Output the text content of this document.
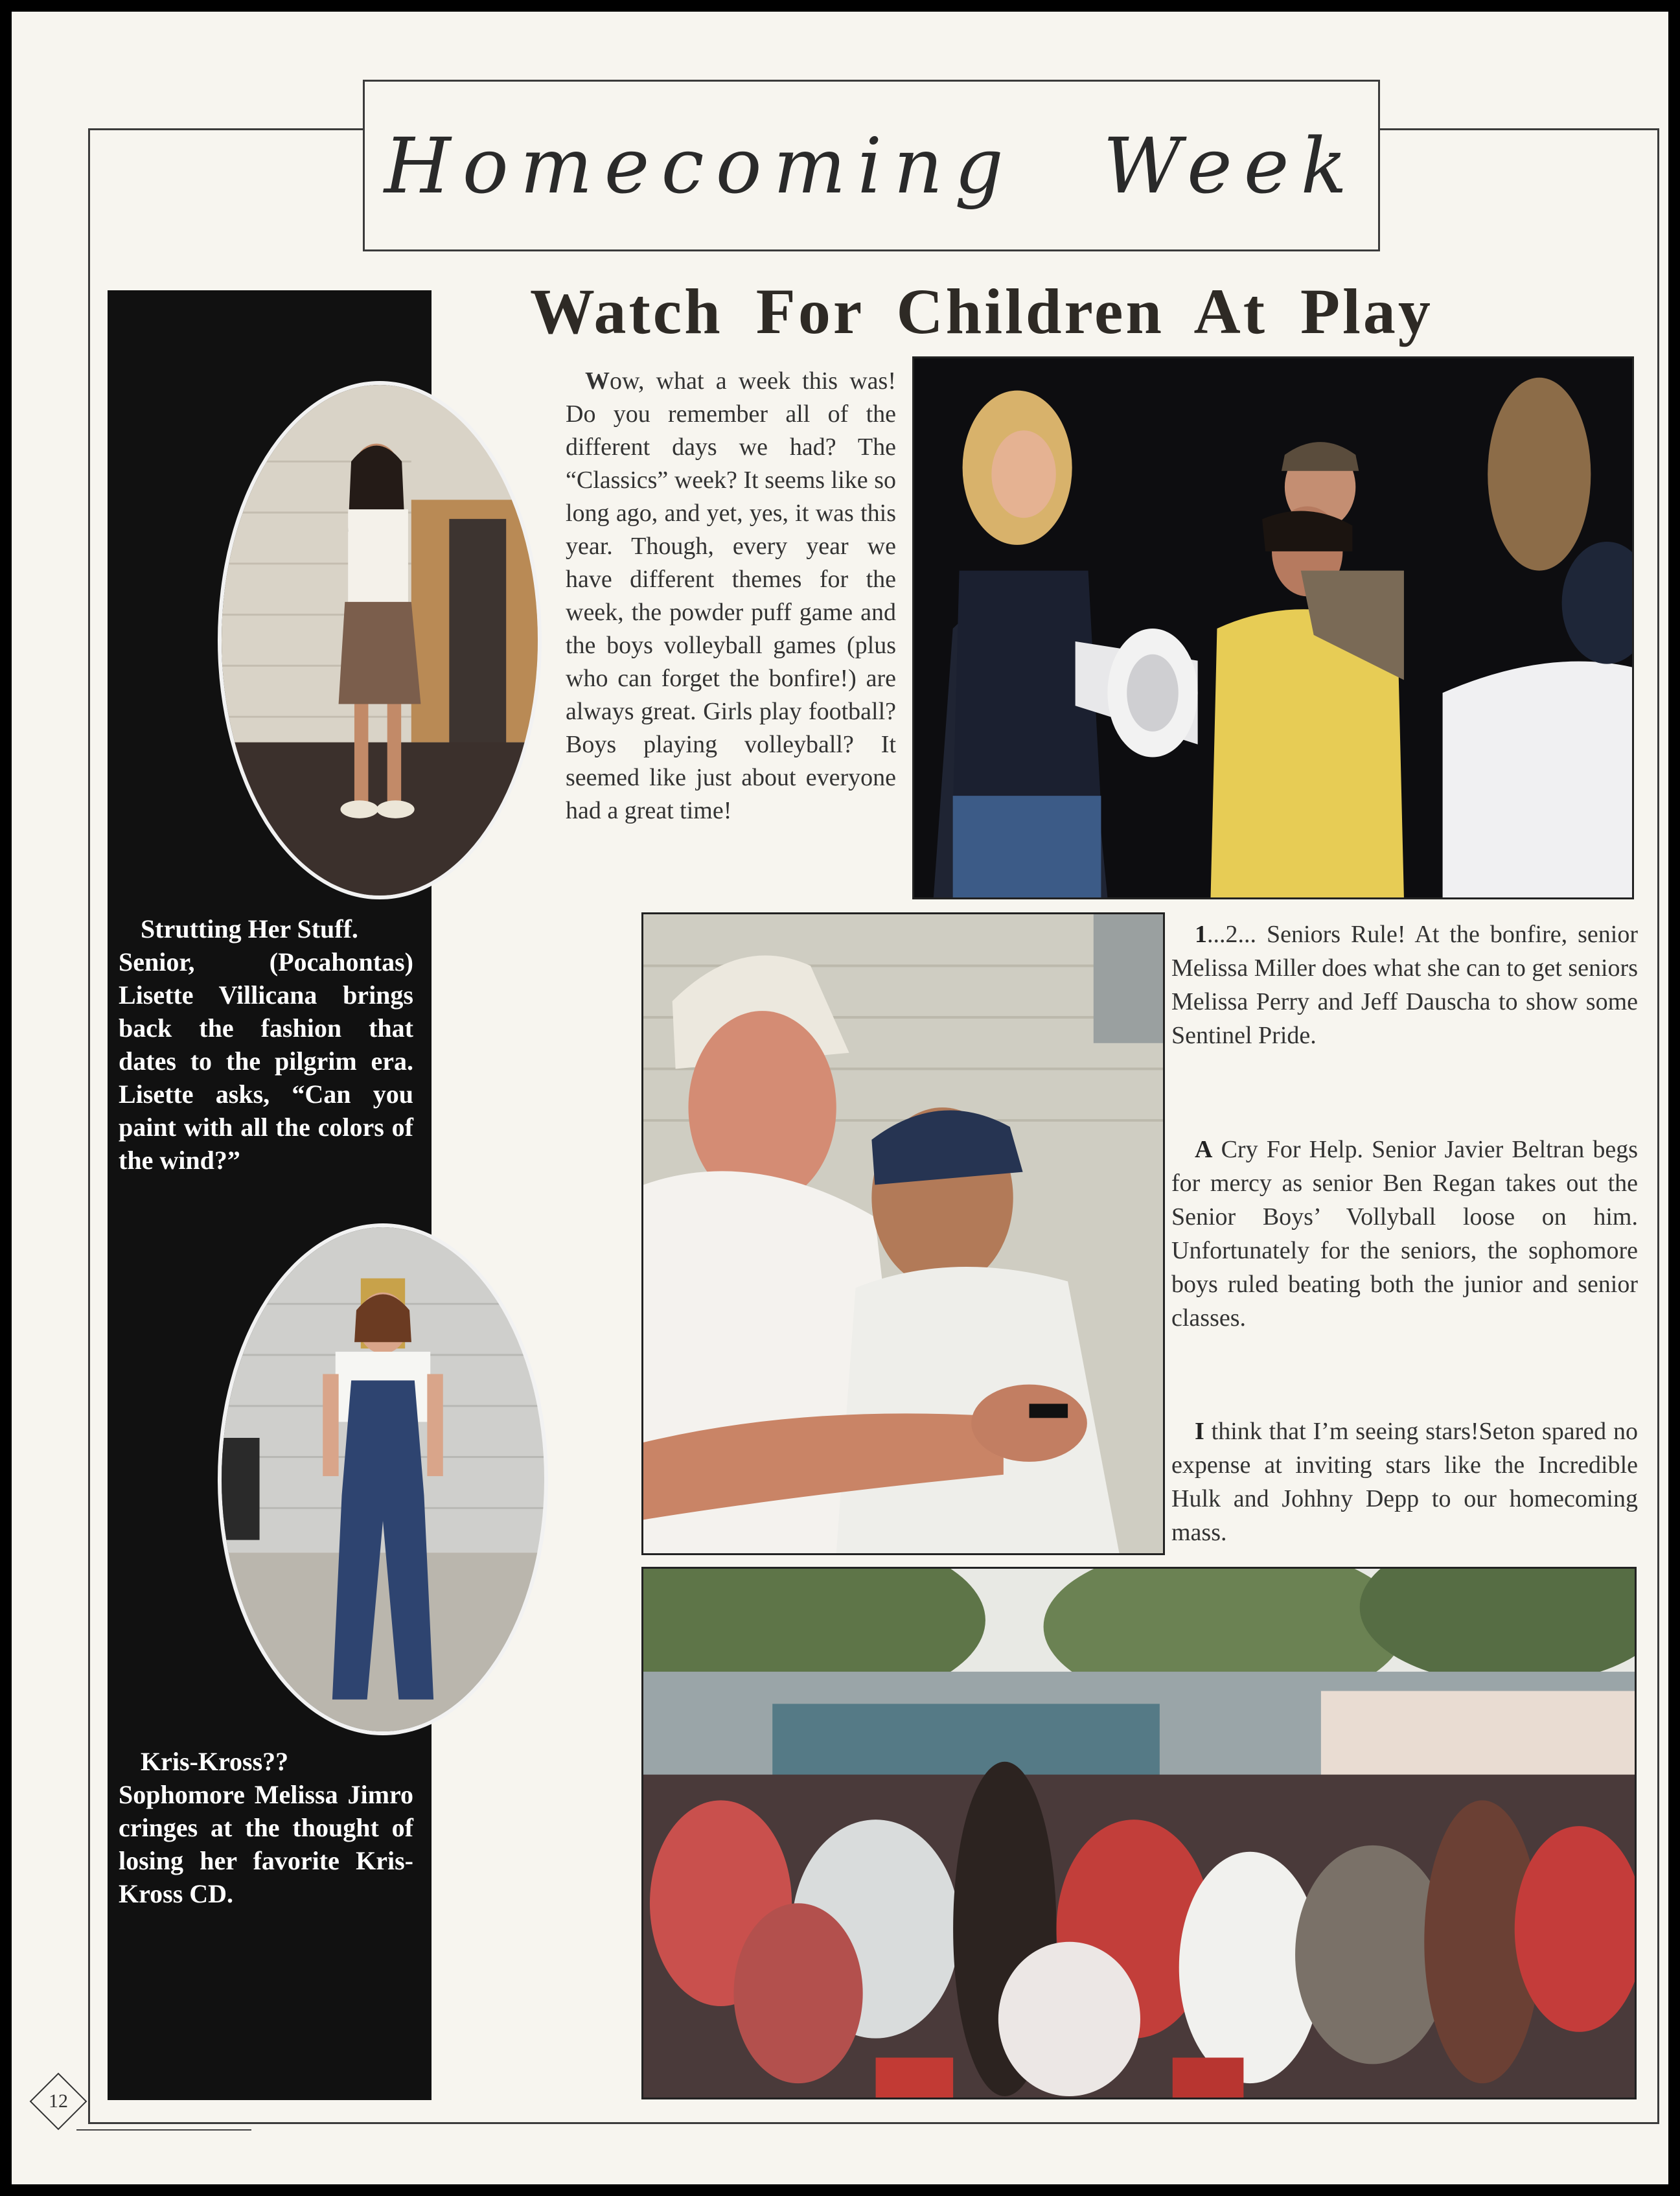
Homecoming Week
Watch For Children At Play
Strutting Her Stuff.
Senior, (Pocahontas) Lisette Villicana brings back the fashion that dates to the pilgrim era. Lisette asks, “Can you paint with all the colors of the wind?”
Kris-Kross??
Sophomore Melissa Jimro cringes at the thought of losing her favorite Kris-Kross CD.
Wow, what a week this was! Do you remember all of the different days we had? The “Classics” week? It seems like so long ago, and yet, yes, it was this year. Though, every year we have different themes for the week, the powder puff game and the boys volleyball games (plus who can forget the bonfire!) are always great. Girls play football? Boys playing volleyball? It seemed like just about everyone had a great time!
1...2... Seniors Rule! At the bonfire, senior Melissa Miller does what she can to get seniors Melissa Perry and Jeff Dauscha to show some Sentinel Pride.
A Cry For Help. Senior Javier Beltran begs for mercy as senior Ben Regan takes out the Senior Boys’ Vollyball loose on him. Unfortunately for the seniors, the sophomore boys ruled beating both the junior and senior classes.
I think that I’m seeing stars!Seton spared no expense at inviting stars like the Incredible Hulk and Johhny Depp to our homecoming mass.
12
